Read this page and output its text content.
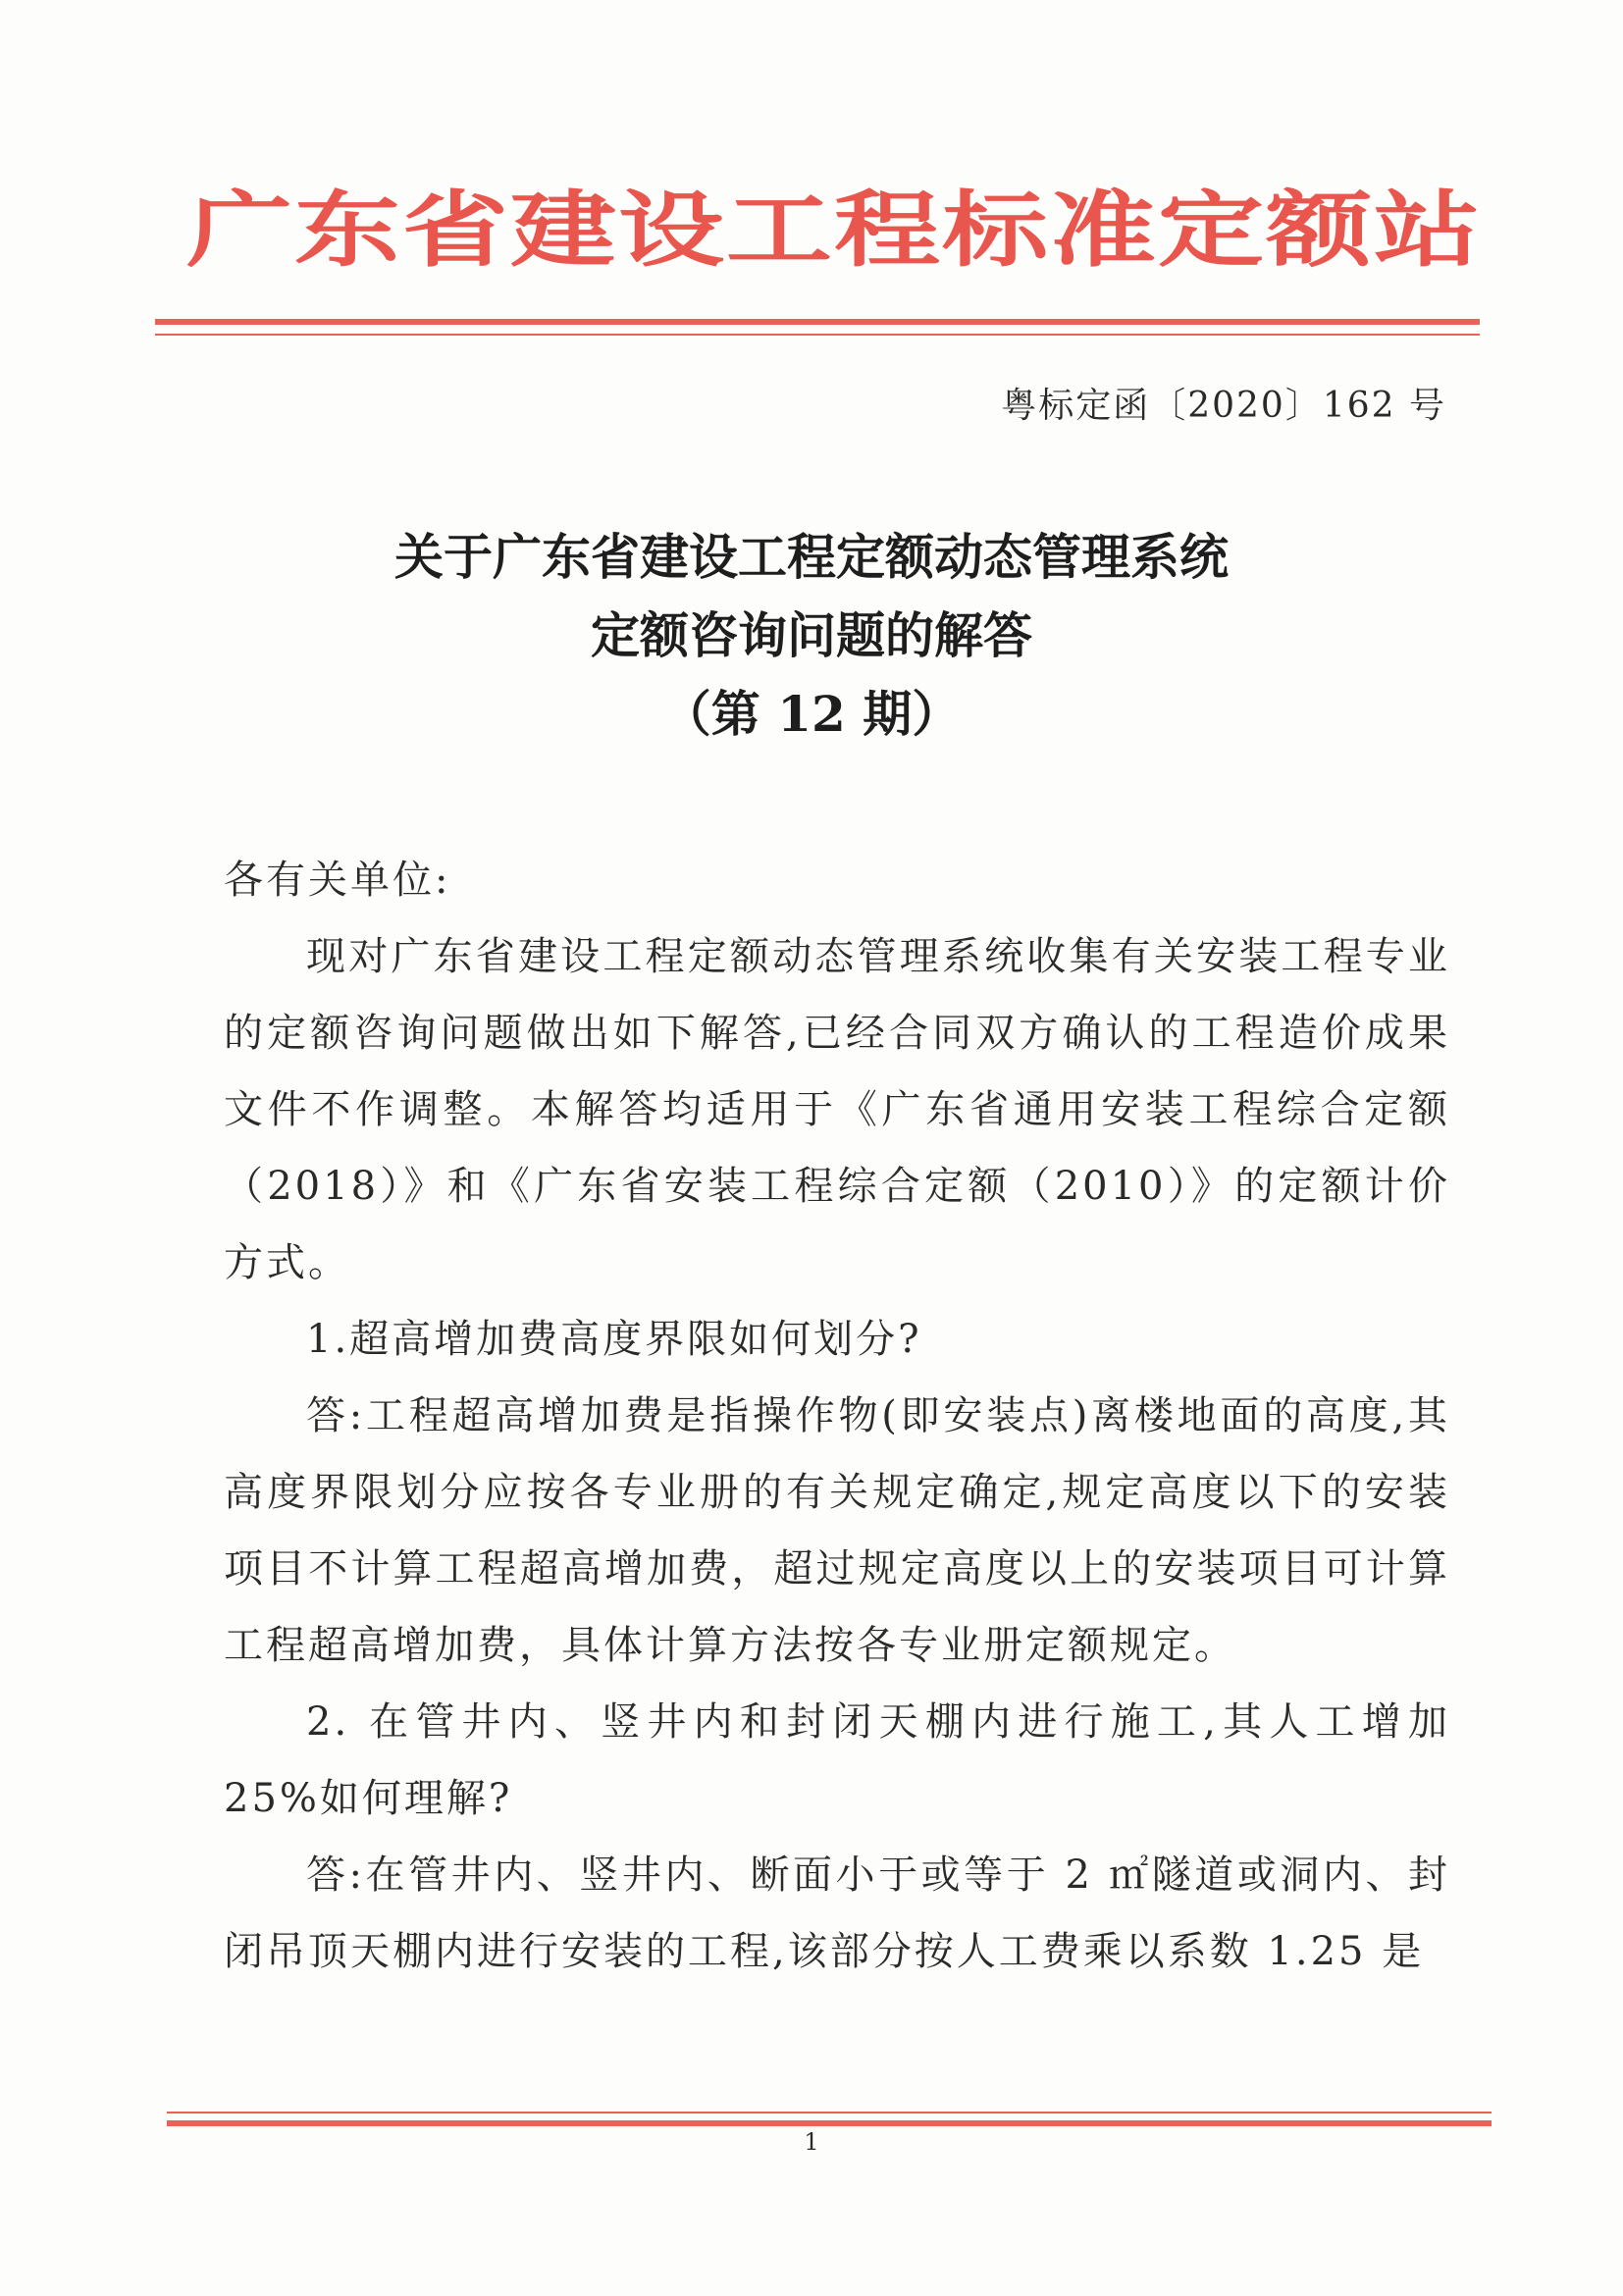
广东省建设工程标准定额站
粤标定函〔2020〕162 号
关于广东省建设工程定额动态管理系统
定额咨询问题的解答
（第 12 期）

各有关单位:

现对广东省建设工程定额动态管理系统收集有关安装工程专业的定额咨询问题做出如下解答,已经合同双方确认的工程造价成果文件不作调整。本解答均适用于《广东省通用安装工程综合定额（2018）》和《广东省安装工程综合定额（2010）》的定额计价方式。

1.超高增加费高度界限如何划分?

答:工程超高增加费是指操作物(即安装点)离楼地面的高度,其高度界限划分应按各专业册的有关规定确定,规定高度以下的安装项目不计算工程超高增加费，超过规定高度以上的安装项目可计算工程超高增加费，具体计算方法按各专业册定额规定。

2. 在管井内、竖井内和封闭天棚内进行施工,其人工增加 25%如何理解?

答:在管井内、竖井内、断面小于或等于 2 ㎡隧道或洞内、封闭吊顶天棚内进行安装的工程,该部分按人工费乘以系数 1.25 是

1
